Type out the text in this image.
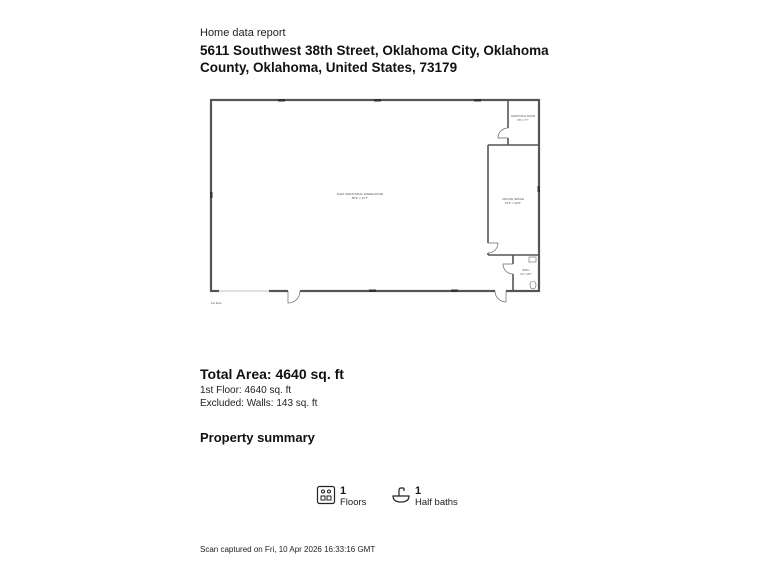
Home data report
5611 Southwest 38th Street, Oklahoma City, Oklahoma County, Oklahoma, United States, 73179
FLEX INDUSTRIAL WAREHOUSE
80'9" x 41'7"
ADDITIONAL ROOM
8'9" x 7'7"
OFFICE SPACE
15'3" x 20'0"
BATH
6'0" x 8'6"
1st floor
Total Area: 4640 sq. ft
1st Floor: 4640 sq. ft
Excluded: Walls: 143 sq. ft
Property summary
1
Floors
1
Half baths
Scan captured on Fri, 10 Apr 2026 16:33:16 GMT
